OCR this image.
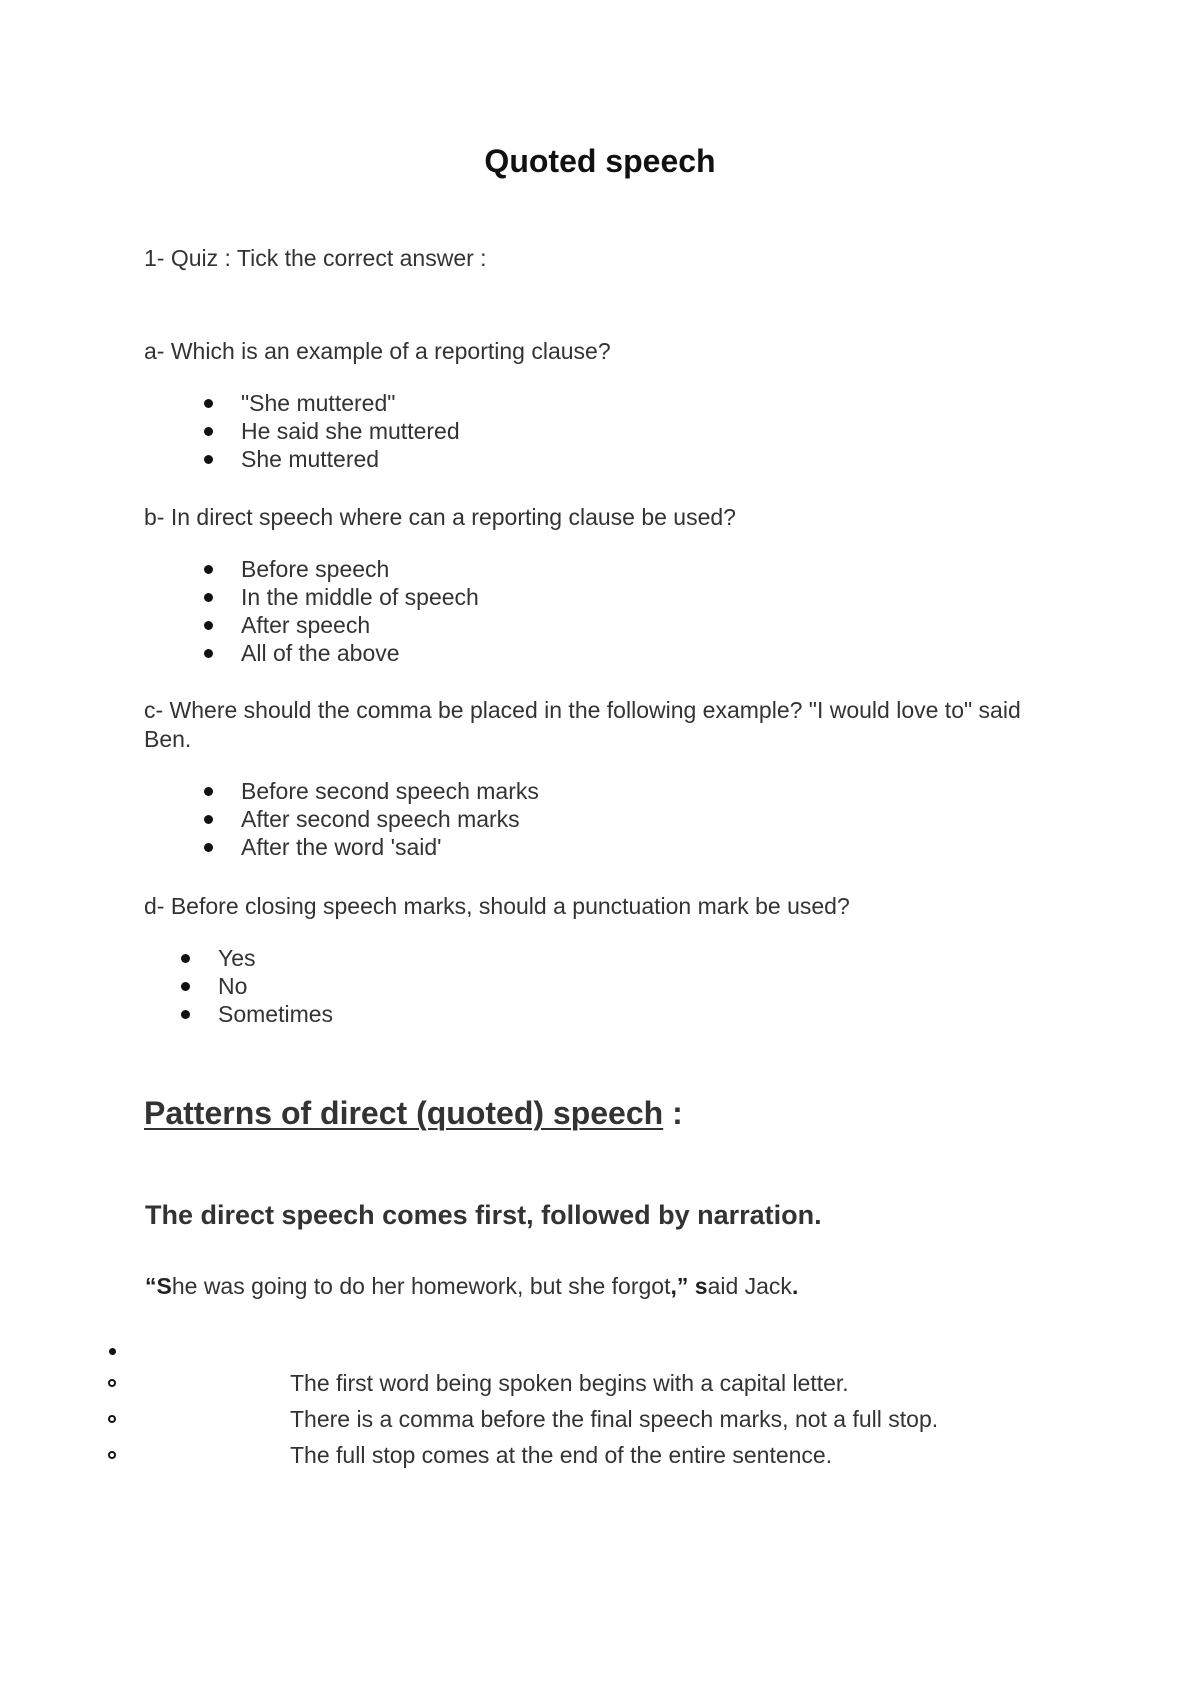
Quoted speech

1- Quiz : Tick the correct answer :

a- Which is an example of a reporting clause?

"She muttered"
He said she muttered
She muttered

b- In direct speech where can a reporting clause be used?

Before speech
In the middle of speech
After speech
All of the above

c- Where should the comma be placed in the following example? "I would love to" said Ben.

Before second speech marks
After second speech marks
After the word 'said'

d- Before closing speech marks, should a punctuation mark be used?

Yes
No
Sometimes
Patterns of direct (quoted) speech :
The direct speech comes first, followed by narration.

“She was going to do her homework, but she forgot,” said Jack.

The first word being spoken begins with a capital letter.
There is a comma before the final speech marks, not a full stop.
The full stop comes at the end of the entire sentence.
